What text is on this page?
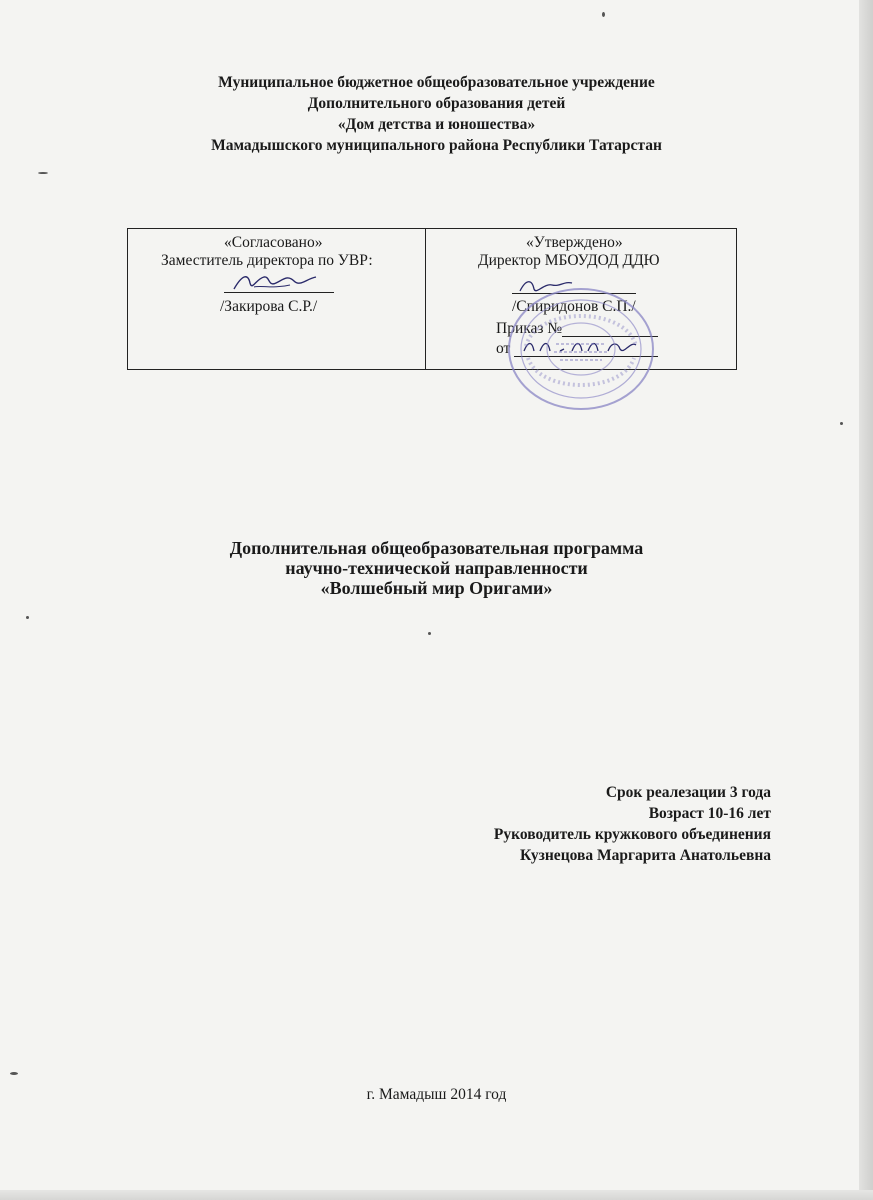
Муниципальное бюджетное общеобразовательное учреждение
Дополнительного образования детей
«Дом детства и юношества»
Мамадышского муниципального района Республики Татарстан
«Согласовано»
Заместитель директора по УВР:
/Закирова С.Р./
«Утверждено»
Директор МБОУДОД ДДЮ
/Спиридонов С.П./
Приказ №
от
Дополнительная общеобразовательная программа
научно-технической направленности
«Волшебный мир Оригами»
Срок реалезации 3 года
Возраст 10-16 лет
Руководитель кружкового объединения
Кузнецова Маргарита Анатольевна
г. Мамадыш 2014 год
